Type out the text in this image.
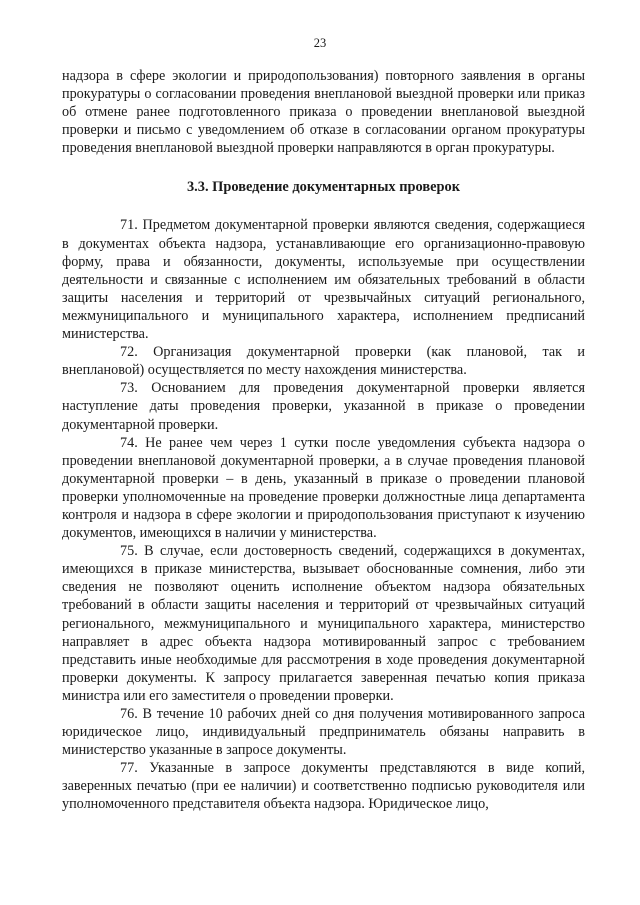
23

надзора в сфере экологии и природопользования) повторного заявления в органы прокуратуры о согласовании проведения внеплановой выездной проверки или приказ об отмене ранее подготовленного приказа о проведении внеплановой выездной проверки и письмо с уведомлением об отказе в согласовании органом прокуратуры проведения внеплановой выездной проверки направляются в орган прокуратуры.

3.3. Проведение документарных проверок

71. Предметом документарной проверки являются сведения, содержащиеся в документах объекта надзора, устанавливающие его организационно-правовую форму, права и обязанности, документы, используемые при осуществлении деятельности и связанные с исполнением им обязательных требований в области защиты населения и территорий от чрезвычайных ситуаций регионального, межмуниципального и муниципального характера, исполнением предписаний министерства.

72. Организация документарной проверки (как плановой, так и внеплановой) осуществляется по месту нахождения министерства.

73. Основанием для проведения документарной проверки является наступление даты проведения проверки, указанной в приказе о проведении документарной проверки.

74. Не ранее чем через 1 сутки после уведомления субъекта надзора о проведении внеплановой документарной проверки, а в случае проведения плановой документарной проверки – в день, указанный в приказе о проведении плановой проверки уполномоченные на проведение проверки должностные лица департамента контроля и надзора в сфере экологии и природопользования приступают к изучению документов, имеющихся в наличии у министерства.

75. В случае, если достоверность сведений, содержащихся в документах, имеющихся в приказе министерства, вызывает обоснованные сомнения, либо эти сведения не позволяют оценить исполнение объектом надзора обязательных требований в области защиты населения и территорий от чрезвычайных ситуаций регионального, межмуниципального и муниципального характера, министерство направляет в адрес объекта надзора мотивированный запрос с требованием представить иные необходимые для рассмотрения в ходе проведения документарной проверки документы. К запросу прилагается заверенная печатью копия приказа министра или его заместителя о проведении проверки.

76. В течение 10 рабочих дней со дня получения мотивированного запроса юридическое лицо, индивидуальный предприниматель обязаны направить в министерство указанные в запросе документы.

77. Указанные в запросе документы представляются в виде копий, заверенных печатью (при ее наличии) и соответственно подписью руководителя или уполномоченного представителя объекта надзора. Юридическое лицо,
